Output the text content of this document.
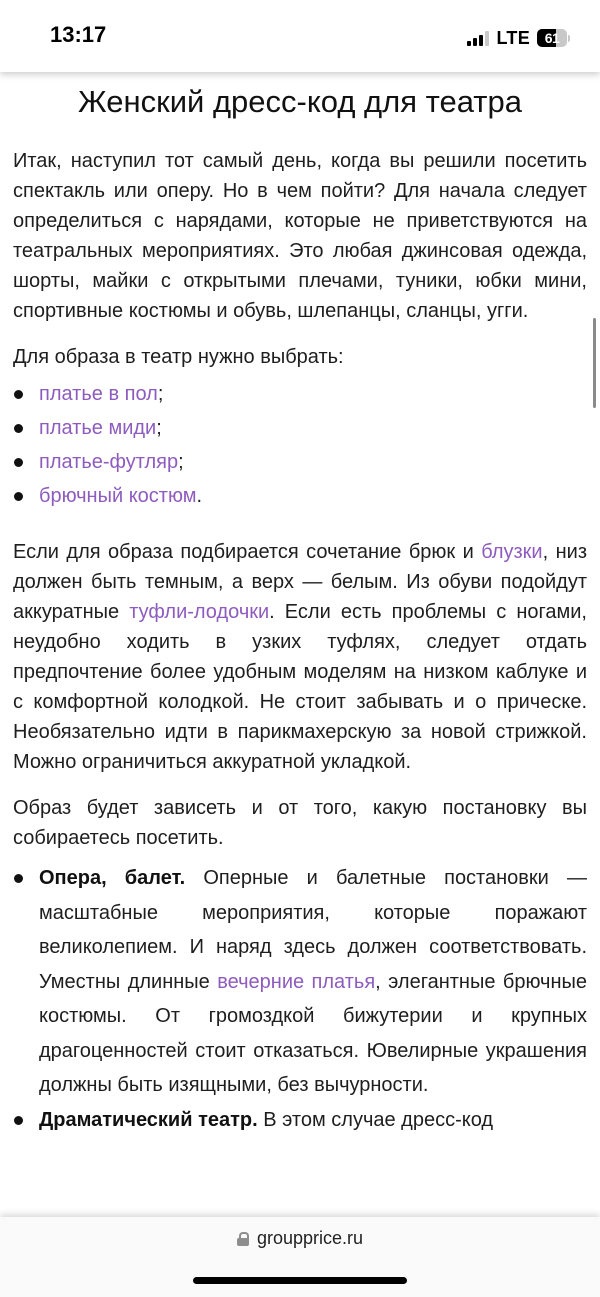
13:17	LTE	61
Женский дресс-код для театра

Итак, наступил тот самый день, когда вы решили посетить спектакль или оперу. Но в чем пойти? Для начала следует определиться с нарядами, которые не приветствуются на театральных мероприятиях. Это любая джинсовая одежда, шорты, майки с открытыми плечами, туники, юбки мини, спортивные костюмы и обувь, шлепанцы, сланцы, угги.

Для образа в театр нужно выбрать:

платье в пол;
платье миди;
платье-футляр;
брючный костюм.

Если для образа подбирается сочетание брюк и блузки, низ должен быть темным, а верх — белым. Из обуви подойдут аккуратные туфли-лодочки. Если есть проблемы с ногами, неудобно ходить в узких туфлях, следует отдать предпочтение более удобным моделям на низком каблуке и с комфортной колодкой. Не стоит забывать и о прическе. Необязательно идти в парикмахерскую за новой стрижкой. Можно ограничиться аккуратной укладкой.

Образ будет зависеть и от того, какую постановку вы собираетесь посетить.

Опера, балет. Оперные и балетные постановки — масштабные мероприятия, которые поражают великолепием. И наряд здесь должен соответствовать. Уместны длинные вечерние платья, элегантные брючные костюмы. От громоздкой бижутерии и крупных драгоценностей стоит отказаться. Ювелирные украшения должны быть изящными, без вычурности.
Драматический театр. В этом случае дресс-код
groupprice.ru
